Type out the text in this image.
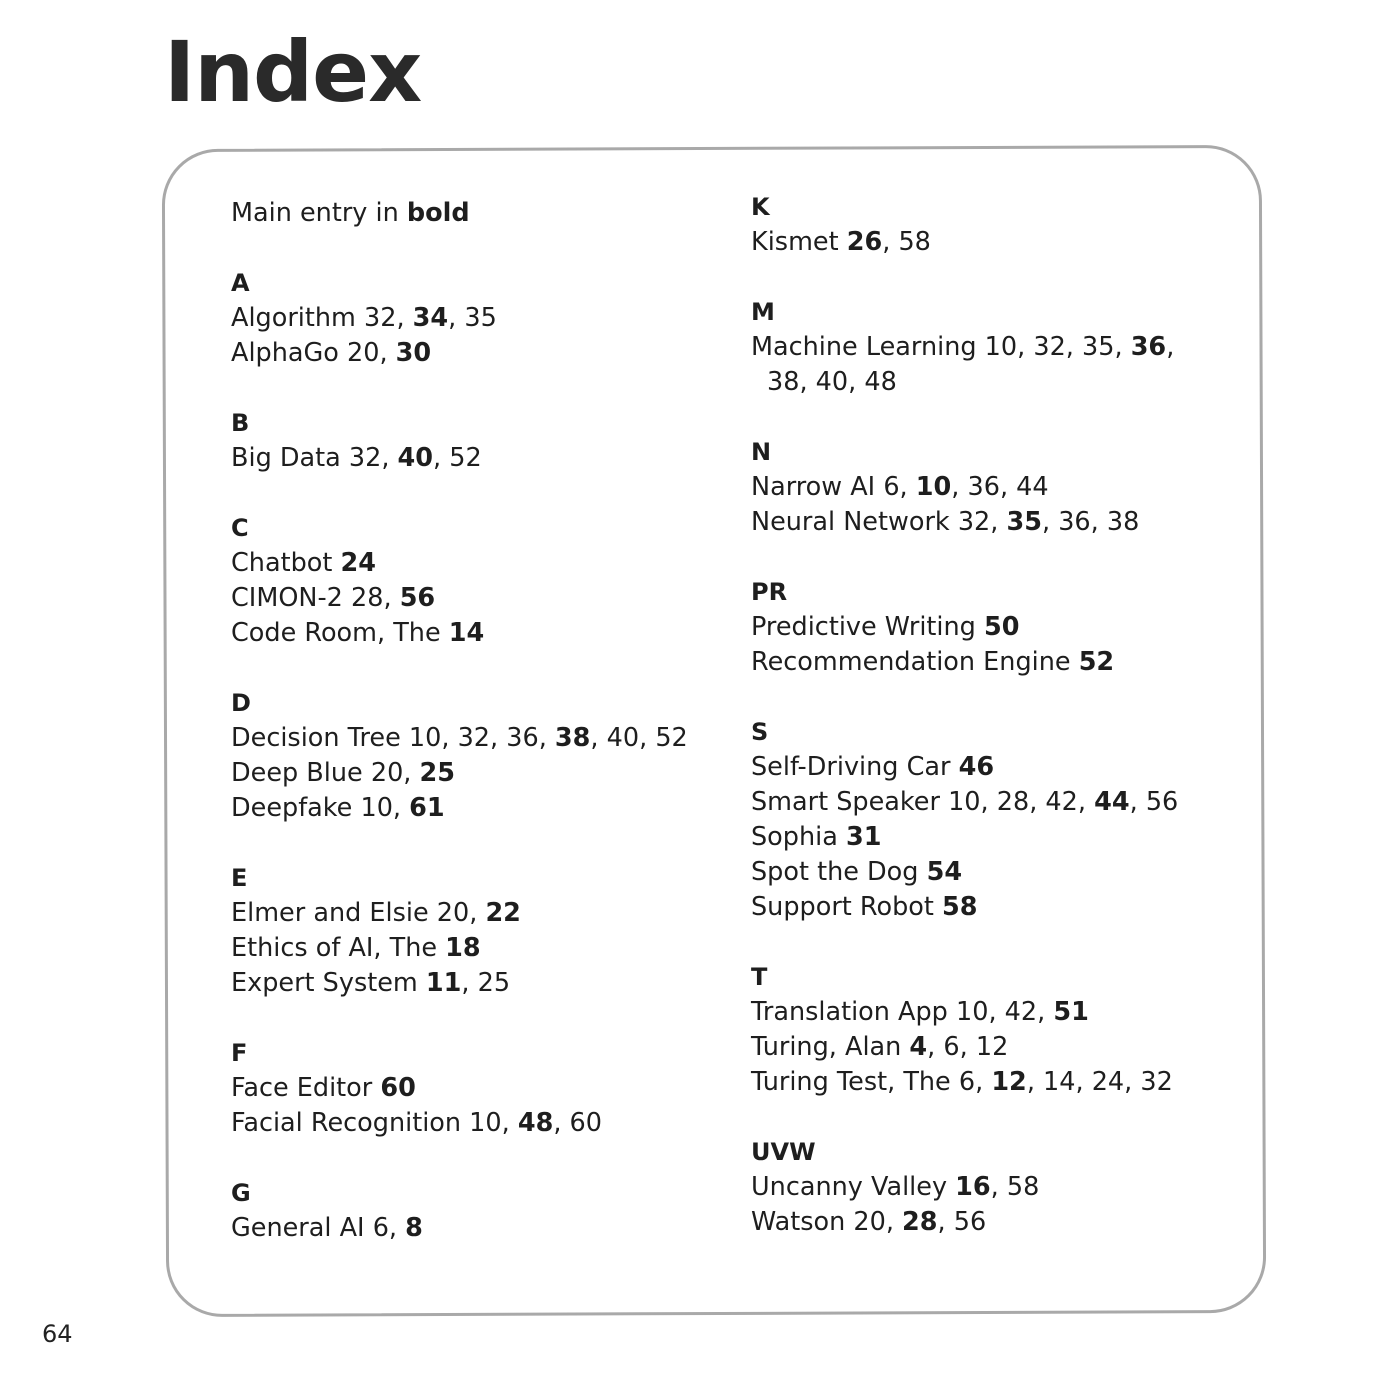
Index
Main entry in bold
A
Algorithm 32, 34, 35
AlphaGo 20, 30
B
Big Data 32, 40, 52
C
Chatbot 24
CIMON-2 28, 56
Code Room, The 14
D
Decision Tree 10, 32, 36, 38, 40, 52
Deep Blue 20, 25
Deepfake 10, 61
E
Elmer and Elsie 20, 22
Ethics of AI, The 18
Expert System 11, 25
F
Face Editor 60
Facial Recognition 10, 48, 60
G
General AI 6, 8
K
Kismet 26, 58
M
Machine Learning 10, 32, 35, 36,
38, 40, 48
N
Narrow AI 6, 10, 36, 44
Neural Network 32, 35, 36, 38
PR
Predictive Writing 50
Recommendation Engine 52
S
Self-Driving Car 46
Smart Speaker 10, 28, 42, 44, 56
Sophia 31
Spot the Dog 54
Support Robot 58
T
Translation App 10, 42, 51
Turing, Alan 4, 6, 12
Turing Test, The 6, 12, 14, 24, 32
UVW
Uncanny Valley 16, 58
Watson 20, 28, 56
64
